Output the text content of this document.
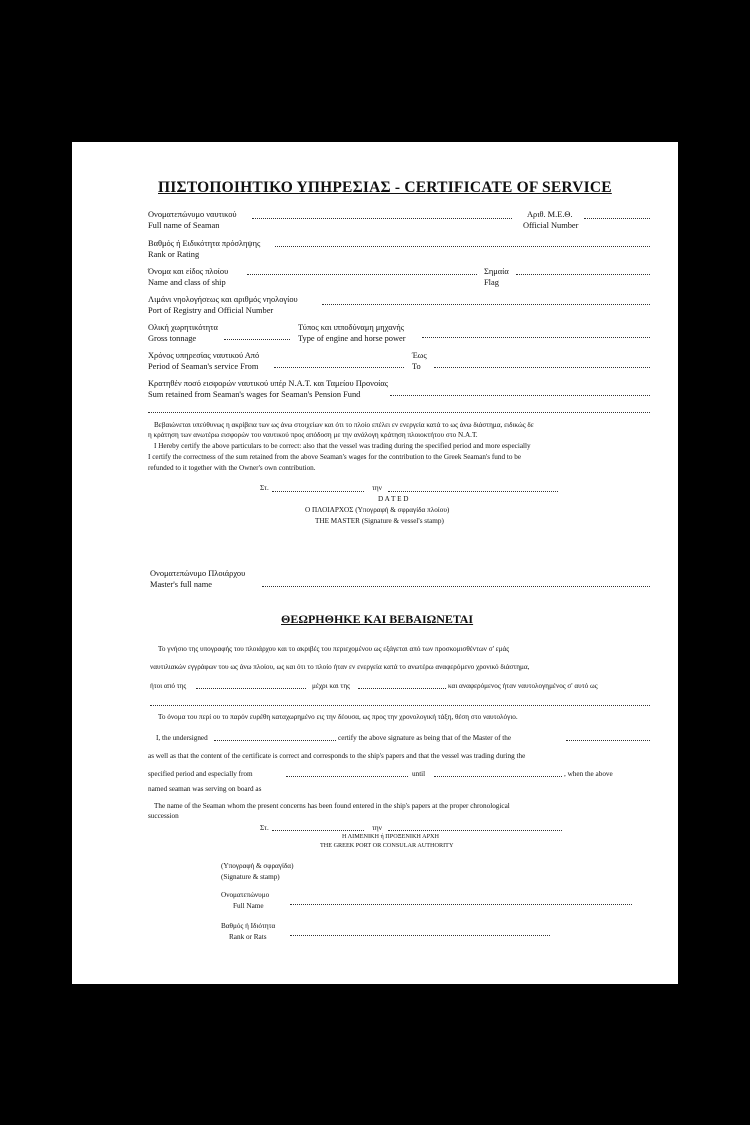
ΠΙΣΤΟΠΟΙΗΤΙΚΟ ΥΠΗΡΕΣΙΑΣ - CERTIFICATE OF SERVICE
Ονοματεπώνυμο ναυτικού
Full name of Seaman
Αριθ. Μ.Ε.Θ.
Official Number
Βαθμός ή Ειδικότητα πρόσληψης
Rank or Rating
Όνομα και είδος πλοίου
Name and class of ship
Σημαία
Flag
Λιμάνι νηολογήσεως και αριθμός νηολογίου
Port of Registry and Official Number
Ολική χωρητικότητα
Gross tonnage
Τύπος και ιπποδύναμη μηχανής
Type of engine and horse power
Χρόνος υπηρεσίας ναυτικού Από
Period of Seaman's service From
Έως
To
Κρατηθέν ποσό εισφορών ναυτικού υπέρ Ν.Α.Τ. και Ταμείου Προνοίας
Sum retained from Seaman's wages for Seaman's Pension Fund
Βεβαιώνεται υπεύθυνως η ακρίβεια των ως άνω στοιχείων και ότι το πλοίο επέλει εν ενεργεία κατά το ως άνω διάστημα, ειδικώς δε
η κράτηση των ανωτέρω εισφορών του ναυτικού προς απόδοση με την ανάλογη κράτηση πλοιοκτήτου στο Ν.Α.Τ.
I Hereby certify the above particulars to be correct: also that the vessel was trading during the specified period and more especially
I certify the correctness of the sum retained from the above Seaman's wages for the contribution to the Greek Seaman's fund to be
refunded to it together with the Owner's own contribution.
Στ.	την
D A T E D
Ο ΠΛΟΙΑΡΧΟΣ (Υπογραφή & σφραγίδα πλοίου)
THE MASTER (Signature & vessel's stamp)
Ονοματεπώνυμο Πλοιάρχου
Master's full name
ΘΕΩΡΗΘΗΚΕ ΚΑΙ ΒΕΒΑΙΩΝΕΤΑΙ
Το γνήσιο της υπογραφής του πλοιάρχου και το ακριβές του περιεχομένου ως εξάγεται από των προσκομισθέντων σ' εμάς
ναυτιλιακών εγγράφων του ως άνω πλοίου, ως και ότι το πλοίο ήταν εν ενεργεία κατά το ανωτέρω αναφερόμενο χρονικό διάστημα,
ήτοι από της	μέχρι και της	και αναφερόμενος ήταν ναυτολογημένος σ' αυτό ως
Το όνομα του περί ου το παρόν ευρέθη καταχωρημένο εις την δέουσα, ως προς την χρονολογική τάξη, θέση στο ναυτολόγιο.
I, the undersigned	certify the above signature as being that of the Master of the
as well as that the content of the certificate is correct and corresponds to the ship's papers and that the vessel was trading during the
specified period and especially from	until	, when the above
named seaman was serving on board as
The name of the Seaman whom the present concerns has been found entered in the ship's papers at the proper chronological
succession
Στ.	την
Η ΛΙΜΕΝΙΚΗ ή ΠΡΟΞΕΝΙΚΗ ΑΡΧΗ
THE GREEK PORT OR CONSULAR AUTHORITY
(Υπογραφή & σφραγίδα)
(Signature & stamp)
Ονοματεπώνυμο
Full Name
Βαθμός ή Ιδιότητα
Rank or Rats
